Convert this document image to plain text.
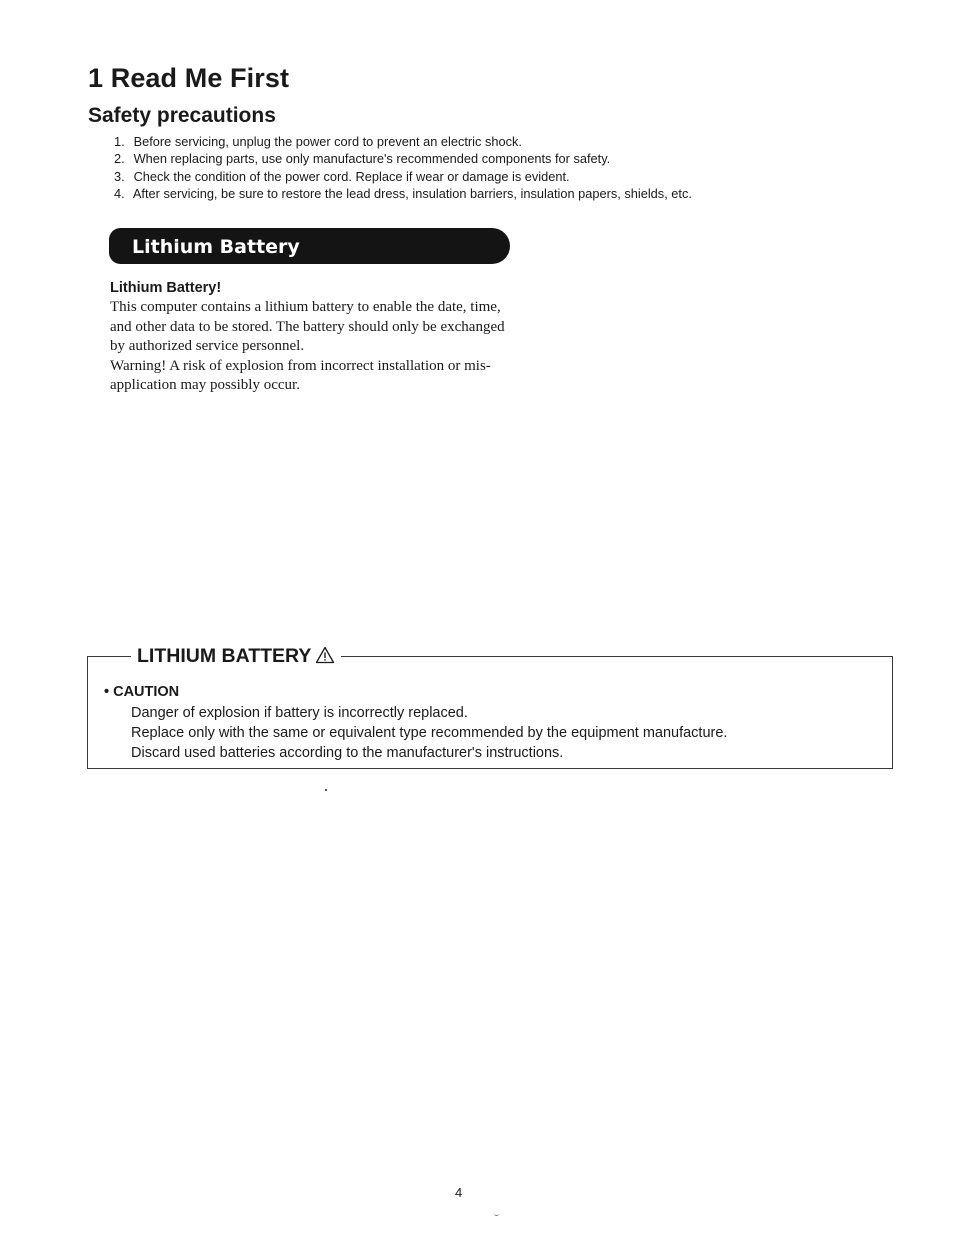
1 Read Me First
Safety precautions
1. Before servicing, unplug the power cord to prevent an electric shock.
2. When replacing parts, use only manufacture's recommended components for safety.
3. Check the condition of the power cord. Replace if wear or damage is evident.
4. After servicing, be sure to restore the lead dress, insulation barriers, insulation papers, shields, etc.
Lithium Battery
Lithium Battery!
This computer contains a lithium battery to enable the date, time,
and other data to be stored. The battery should only be exchanged
by authorized service personnel.
Warning! A risk of explosion from incorrect installation or mis-
application may possibly occur.
LITHIUM BATTERY
• CAUTION
Danger of explosion if battery is incorrectly replaced.
Replace only with the same or equivalent type recommended by the equipment manufacture.
Discard used batteries according to the manufacturer's instructions.
4
